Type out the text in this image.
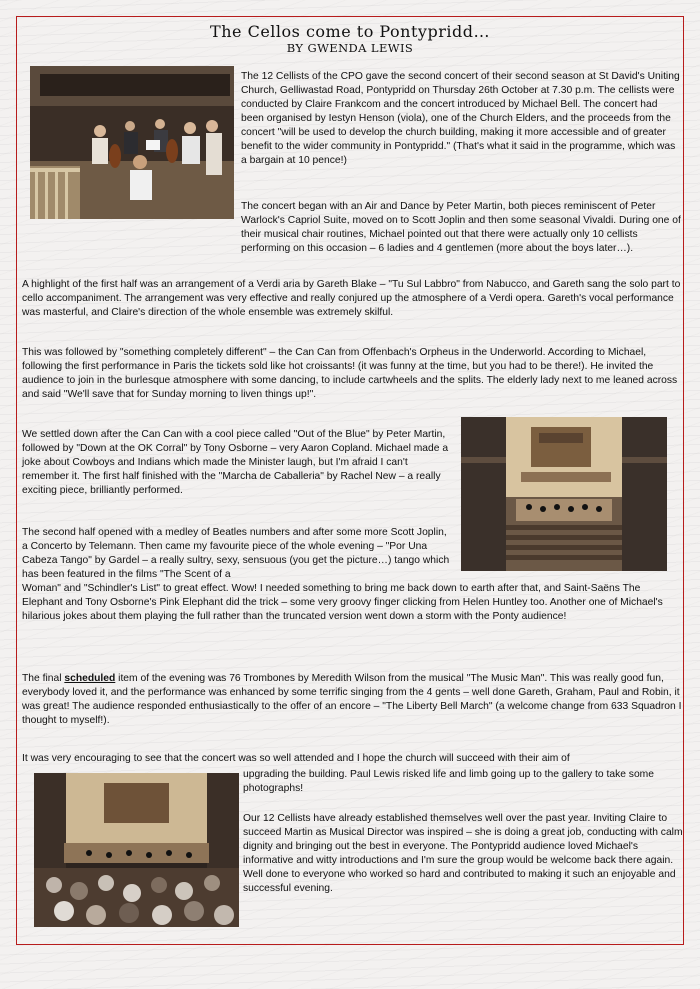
The Cellos come to Pontypridd…
BY GWENDA LEWIS

The 12 Cellists of the CPO gave the second concert of their second season at St David's Uniting Church, Gelliwastad Road, Pontypridd on Thursday 26th October at 7.30 p.m. The cellists were conducted by Claire Frankcom and the concert introduced by Michael Bell. The concert had been organised by Iestyn Henson (viola), one of the Church Elders, and the proceeds from the concert "will be used to develop the church building, making it more accessible and of greater benefit to the wider community in Pontypridd." (That's what it said in the programme, which was a bargain at 10 pence!)

The concert began with an Air and Dance by Peter Martin, both pieces reminiscent of Peter Warlock's Capriol Suite, moved on to Scott Joplin and then some seasonal Vivaldi. During one of their musical chair routines, Michael pointed out that there were actually only 10 cellists performing on this occasion – 6 ladies and 4 gentlemen (more about the boys later…).

A highlight of the first half was an arrangement of a Verdi aria by Gareth Blake – "Tu Sul Labbro" from Nabucco, and Gareth sang the solo part to cello accompaniment. The arrangement was very effective and really conjured up the atmosphere of a Verdi opera. Gareth's vocal performance was masterful, and Claire's direction of the whole ensemble was extremely skilful.

This was followed by "something completely different" – the Can Can from Offenbach's Orpheus in the Underworld. According to Michael, following the first performance in Paris the tickets sold like hot croissants! (it was funny at the time, but you had to be there!). He invited the audience to join in the burlesque atmosphere with some dancing, to include cartwheels and the splits. The elderly lady next to me leaned across and said "We'll save that for Sunday morning to liven things up!".

We settled down after the Can Can with a cool piece called "Out of the Blue" by Peter Martin, followed by "Down at the OK Corral" by Tony Osborne – very Aaron Copland. Michael made a joke about Cowboys and Indians which made the Minister laugh, but I'm afraid I can't remember it. The first half finished with the "Marcha de Caballeria" by Rachel New – a really exciting piece, brilliantly performed.

The second half opened with a medley of Beatles numbers and after some more Scott Joplin, a Concerto by Telemann. Then came my favourite piece of the whole evening – "Por Una Cabeza Tango" by Gardel – a really sultry, sexy, sensuous (you get the picture…) tango which has been featured in the films "The Scent of a

Woman" and "Schindler's List" to great effect. Wow! I needed something to bring me back down to earth after that, and Saint-Saëns The Elephant and Tony Osborne's Pink Elephant did the trick – some very groovy finger clicking from Helen Huntley too. Another one of Michael's hilarious jokes about them playing the full rather than the truncated version went down a storm with the Ponty audience!

The final scheduled item of the evening was 76 Trombones by Meredith Wilson from the musical "The Music Man". This was really good fun, everybody loved it, and the performance was enhanced by some terrific singing from the 4 gents – well done Gareth, Graham, Paul and Robin, it was great! The audience responded enthusiastically to the offer of an encore – "The Liberty Bell March" (a welcome change from 633 Squadron I thought to myself!).

It was very encouraging to see that the concert was so well attended and I hope the church will succeed with their aim of

upgrading the building. Paul Lewis risked life and limb going up to the gallery to take some photographs!

Our 12 Cellists have already established themselves well over the past year. Inviting Claire to succeed Martin as Musical Director was inspired – she is doing a great job, conducting with calm dignity and bringing out the best in everyone. The Pontypridd audience loved Michael's informative and witty introductions and I'm sure the group would be welcome back there again. Well done to everyone who worked so hard and contributed to making it such an enjoyable and successful evening.
